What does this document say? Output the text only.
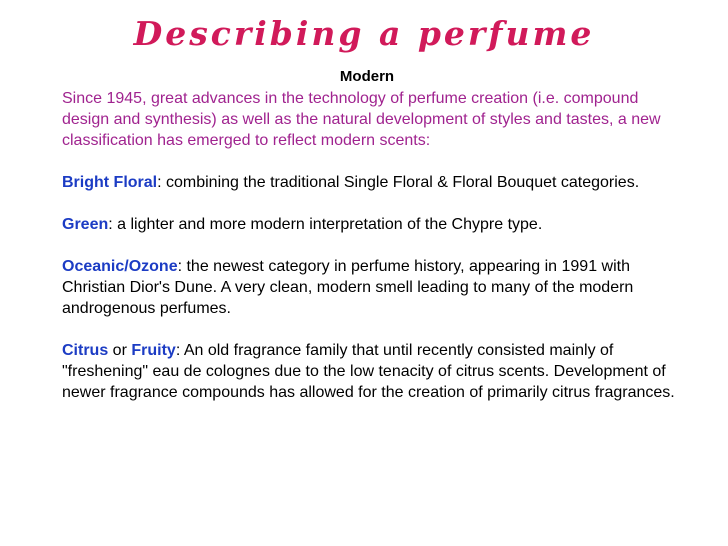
Describing a perfume
Modern

Since 1945, great advances in the technology of perfume creation (i.e. compound design and synthesis) as well as the natural development of styles and tastes, a new classification has emerged to reflect modern scents:

Bright Floral: combining the traditional Single Floral & Floral Bouquet categories.

Green: a lighter and more modern interpretation of the Chypre type.

Oceanic/Ozone: the newest category in perfume history, appearing in 1991 with Christian Dior's Dune. A very clean, modern smell leading to many of the modern androgenous perfumes.

Citrus or Fruity: An old fragrance family that until recently consisted mainly of "freshening" eau de colognes due to the low tenacity of citrus scents. Development of newer fragrance compounds has allowed for the creation of primarily citrus fragrances.
